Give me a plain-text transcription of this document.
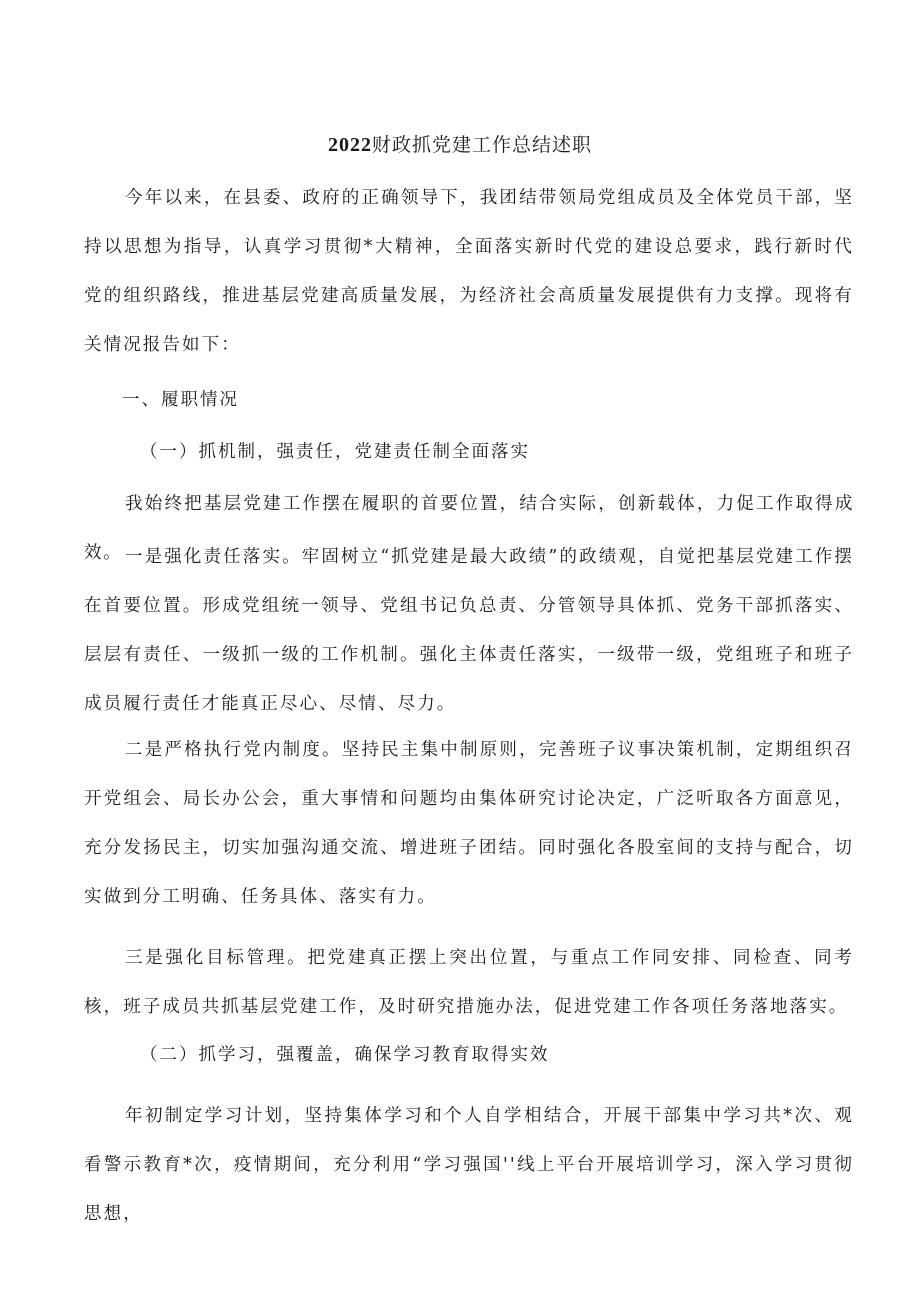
2022财政抓党建工作总结述职

今年以来，在县委、政府的正确领导下，我团结带领局党组成员及全体党员干部，坚持以思想为指导，认真学习贯彻*大精神，全面落实新时代党的建设总要求，践行新时代党的组织路线，推进基层党建高质量发展，为经济社会高质量发展提供有力支撑。现将有关情况报告如下：

一、履职情况
（一）抓机制，强责任，党建责任制全面落实

我始终把基层党建工作摆在履职的首要位置，结合实际，创新载体，力促工作取得成效。 一是强化责任落实。牢固树立“抓党建是最大政绩”的政绩观，自觉把基层党建工作摆在首要位置。形成党组统一领导、党组书记负总责、分管领导具体抓、党务干部抓落实、层层有责任、一级抓一级的工作机制。强化主体责任落实，一级带一级，党组班子和班子成员履行责任才能真正尽心、尽情、尽力。

二是严格执行党内制度。坚持民主集中制原则，完善班子议事决策机制，定期组织召开党组会、局长办公会，重大事情和问题均由集体研究讨论决定，广泛听取各方面意见，充分发扬民主，切实加强沟通交流、增进班子团结。同时强化各股室间的支持与配合，切实做到分工明确、任务具体、落实有力。

三是强化目标管理。把党建真正摆上突出位置，与重点工作同安排、同检查、同考核，班子成员共抓基层党建工作，及时研究措施办法，促进党建工作各项任务落地落实。

（二）抓学习，强覆盖，确保学习教育取得实效

年初制定学习计划，坚持集体学习和个人自学相结合，开展干部集中学习共*次、观看警示教育*次，疫情期间，充分利用“学习强国''线上平台开展培训学习，深入学习贯彻思想，
